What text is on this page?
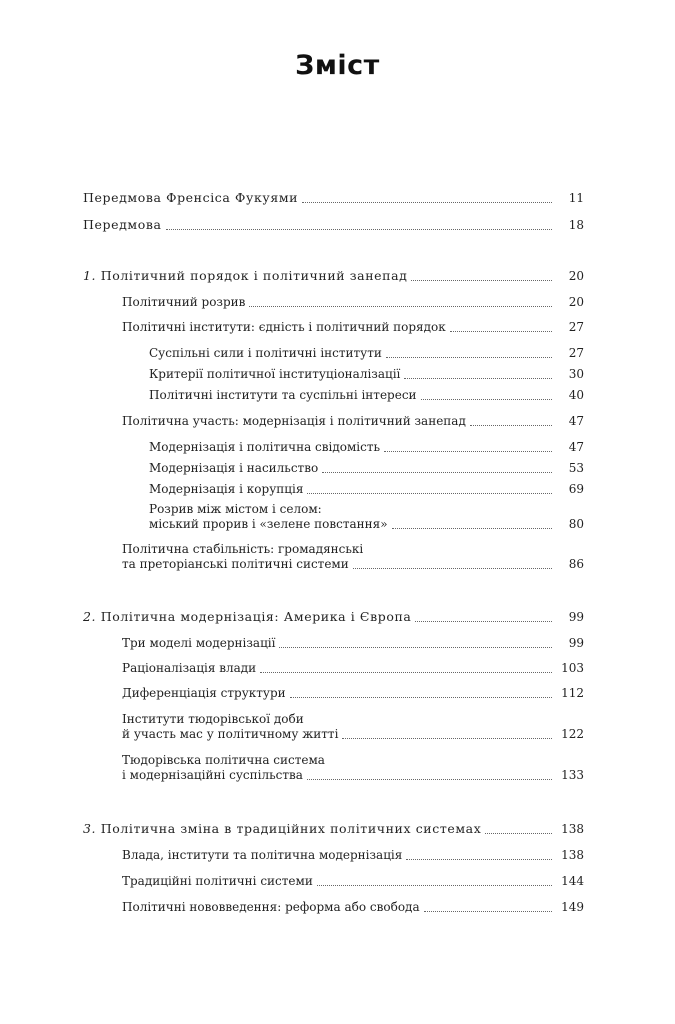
Зміст
Передмова Френсіса Фукуями	11
Передмова	18
1. Політичний порядок і політичний занепад	20
Політичний розрив	20
Політичні інститути: єдність і політичний порядок	27
Суспільні сили і політичні інститути	27
Критерії політичної інституціоналізації	30
Політичні інститути та суспільні інтереси	40
Політична участь: модернізація і політичний занепад	47
Модернізація і політична свідомість	47
Модернізація і насильство	53
Модернізація і корупція	69
Розрив між містом і селом:
міський прорив і «зелене повстання»	80
Політична стабільність: громадянські
та преторіанські політичні системи	86
2. Політична модернізація: Америка і Європа	99
Три моделі модернізації	99
Раціоналізація влади	103
Диференціація структури	112
Інститути тюдорівської доби
й участь мас у політичному житті	122
Тюдорівська політична система
і модернізаційні суспільства	133
3. Політична зміна в традиційних політичних системах	138
Влада, інститути та політична модернізація	138
Традиційні політичні системи	144
Політичні нововведення: реформа або свобода	149
